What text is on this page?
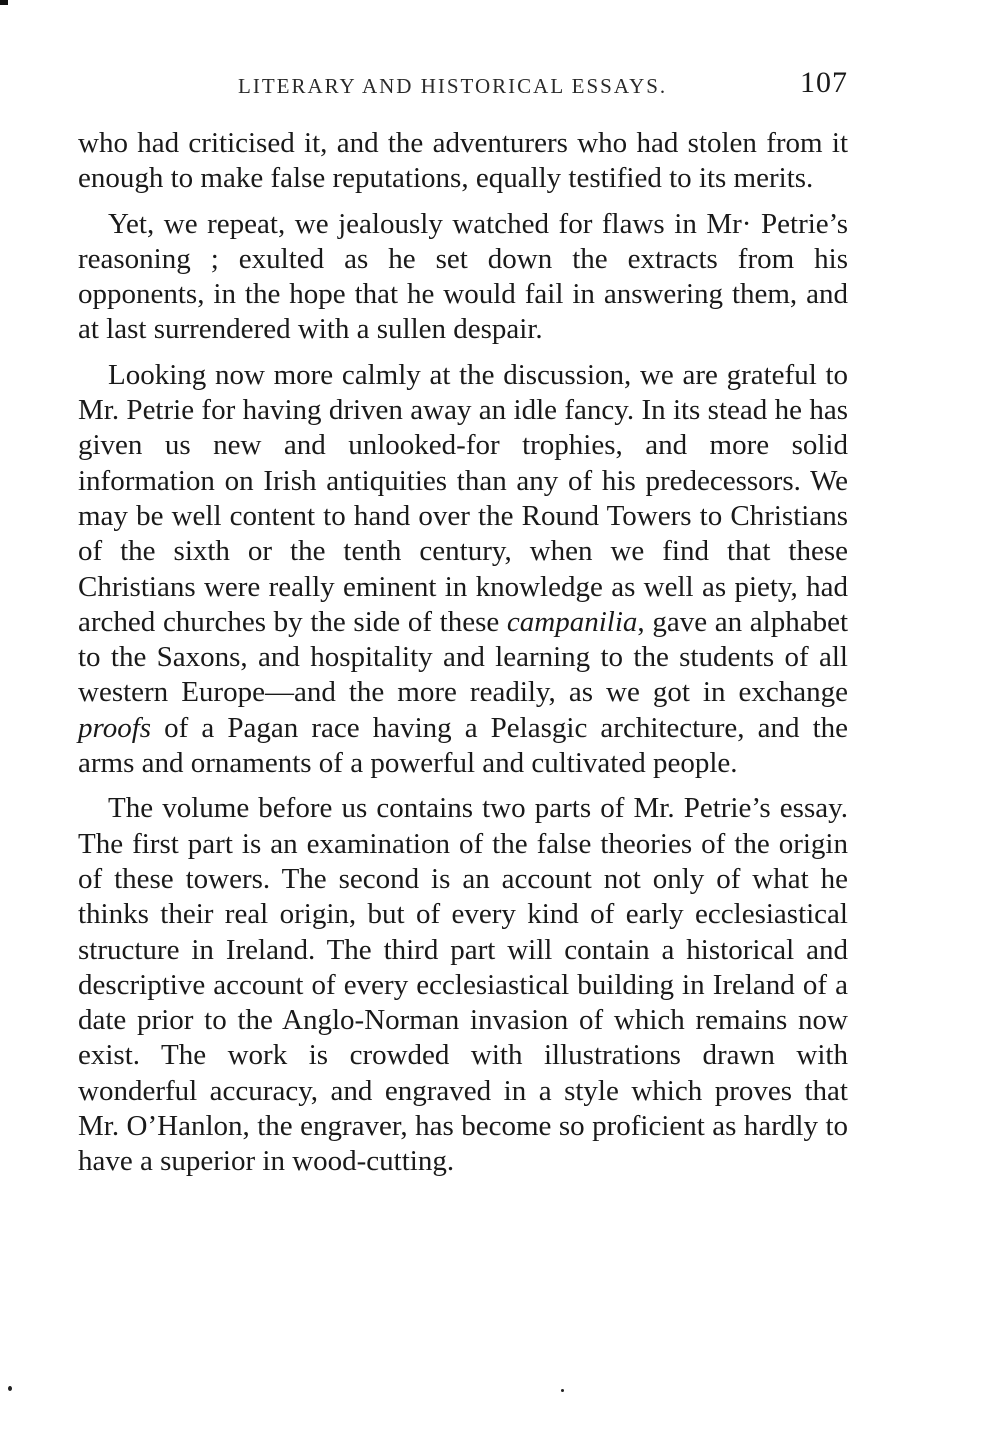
LITERARY AND HISTORICAL ESSAYS.	107

who had criticised it, and the adventurers who had stolen from it enough to make false reputations, equally testified to its merits.

Yet, we repeat, we jealously watched for flaws in Mr· Petrie’s reasoning ; exulted as he set down the extracts from his opponents, in the hope that he would fail in answering them, and at last surrendered with a sullen despair.

Looking now more calmly at the discussion, we are grateful to Mr. Petrie for having driven away an idle fancy. In its stead he has given us new and unlooked-for trophies, and more solid information on Irish antiquities than any of his predecessors. We may be well content to hand over the Round Towers to Christians of the sixth or the tenth century, when we find that these Christians were really eminent in knowledge as well as piety, had arched churches by the side of these campanilia, gave an alphabet to the Saxons, and hospitality and learning to the students of all western Europe—and the more readily, as we got in exchange proofs of a Pagan race having a Pelasgic architecture, and the arms and ornaments of a powerful and cultivated people.

The volume before us contains two parts of Mr. Petrie’s essay. The first part is an examination of the false theories of the origin of these towers. The second is an account not only of what he thinks their real origin, but of every kind of early ecclesiastical structure in Ireland. The third part will contain a historical and descriptive account of every ecclesiastical building in Ireland of a date prior to the Anglo-Norman invasion of which remains now exist. The work is crowded with illustrations drawn with wonderful accuracy, and engraved in a style which proves that Mr. O’Hanlon, the engraver, has become so proficient as hardly to have a superior in wood-cutting.
